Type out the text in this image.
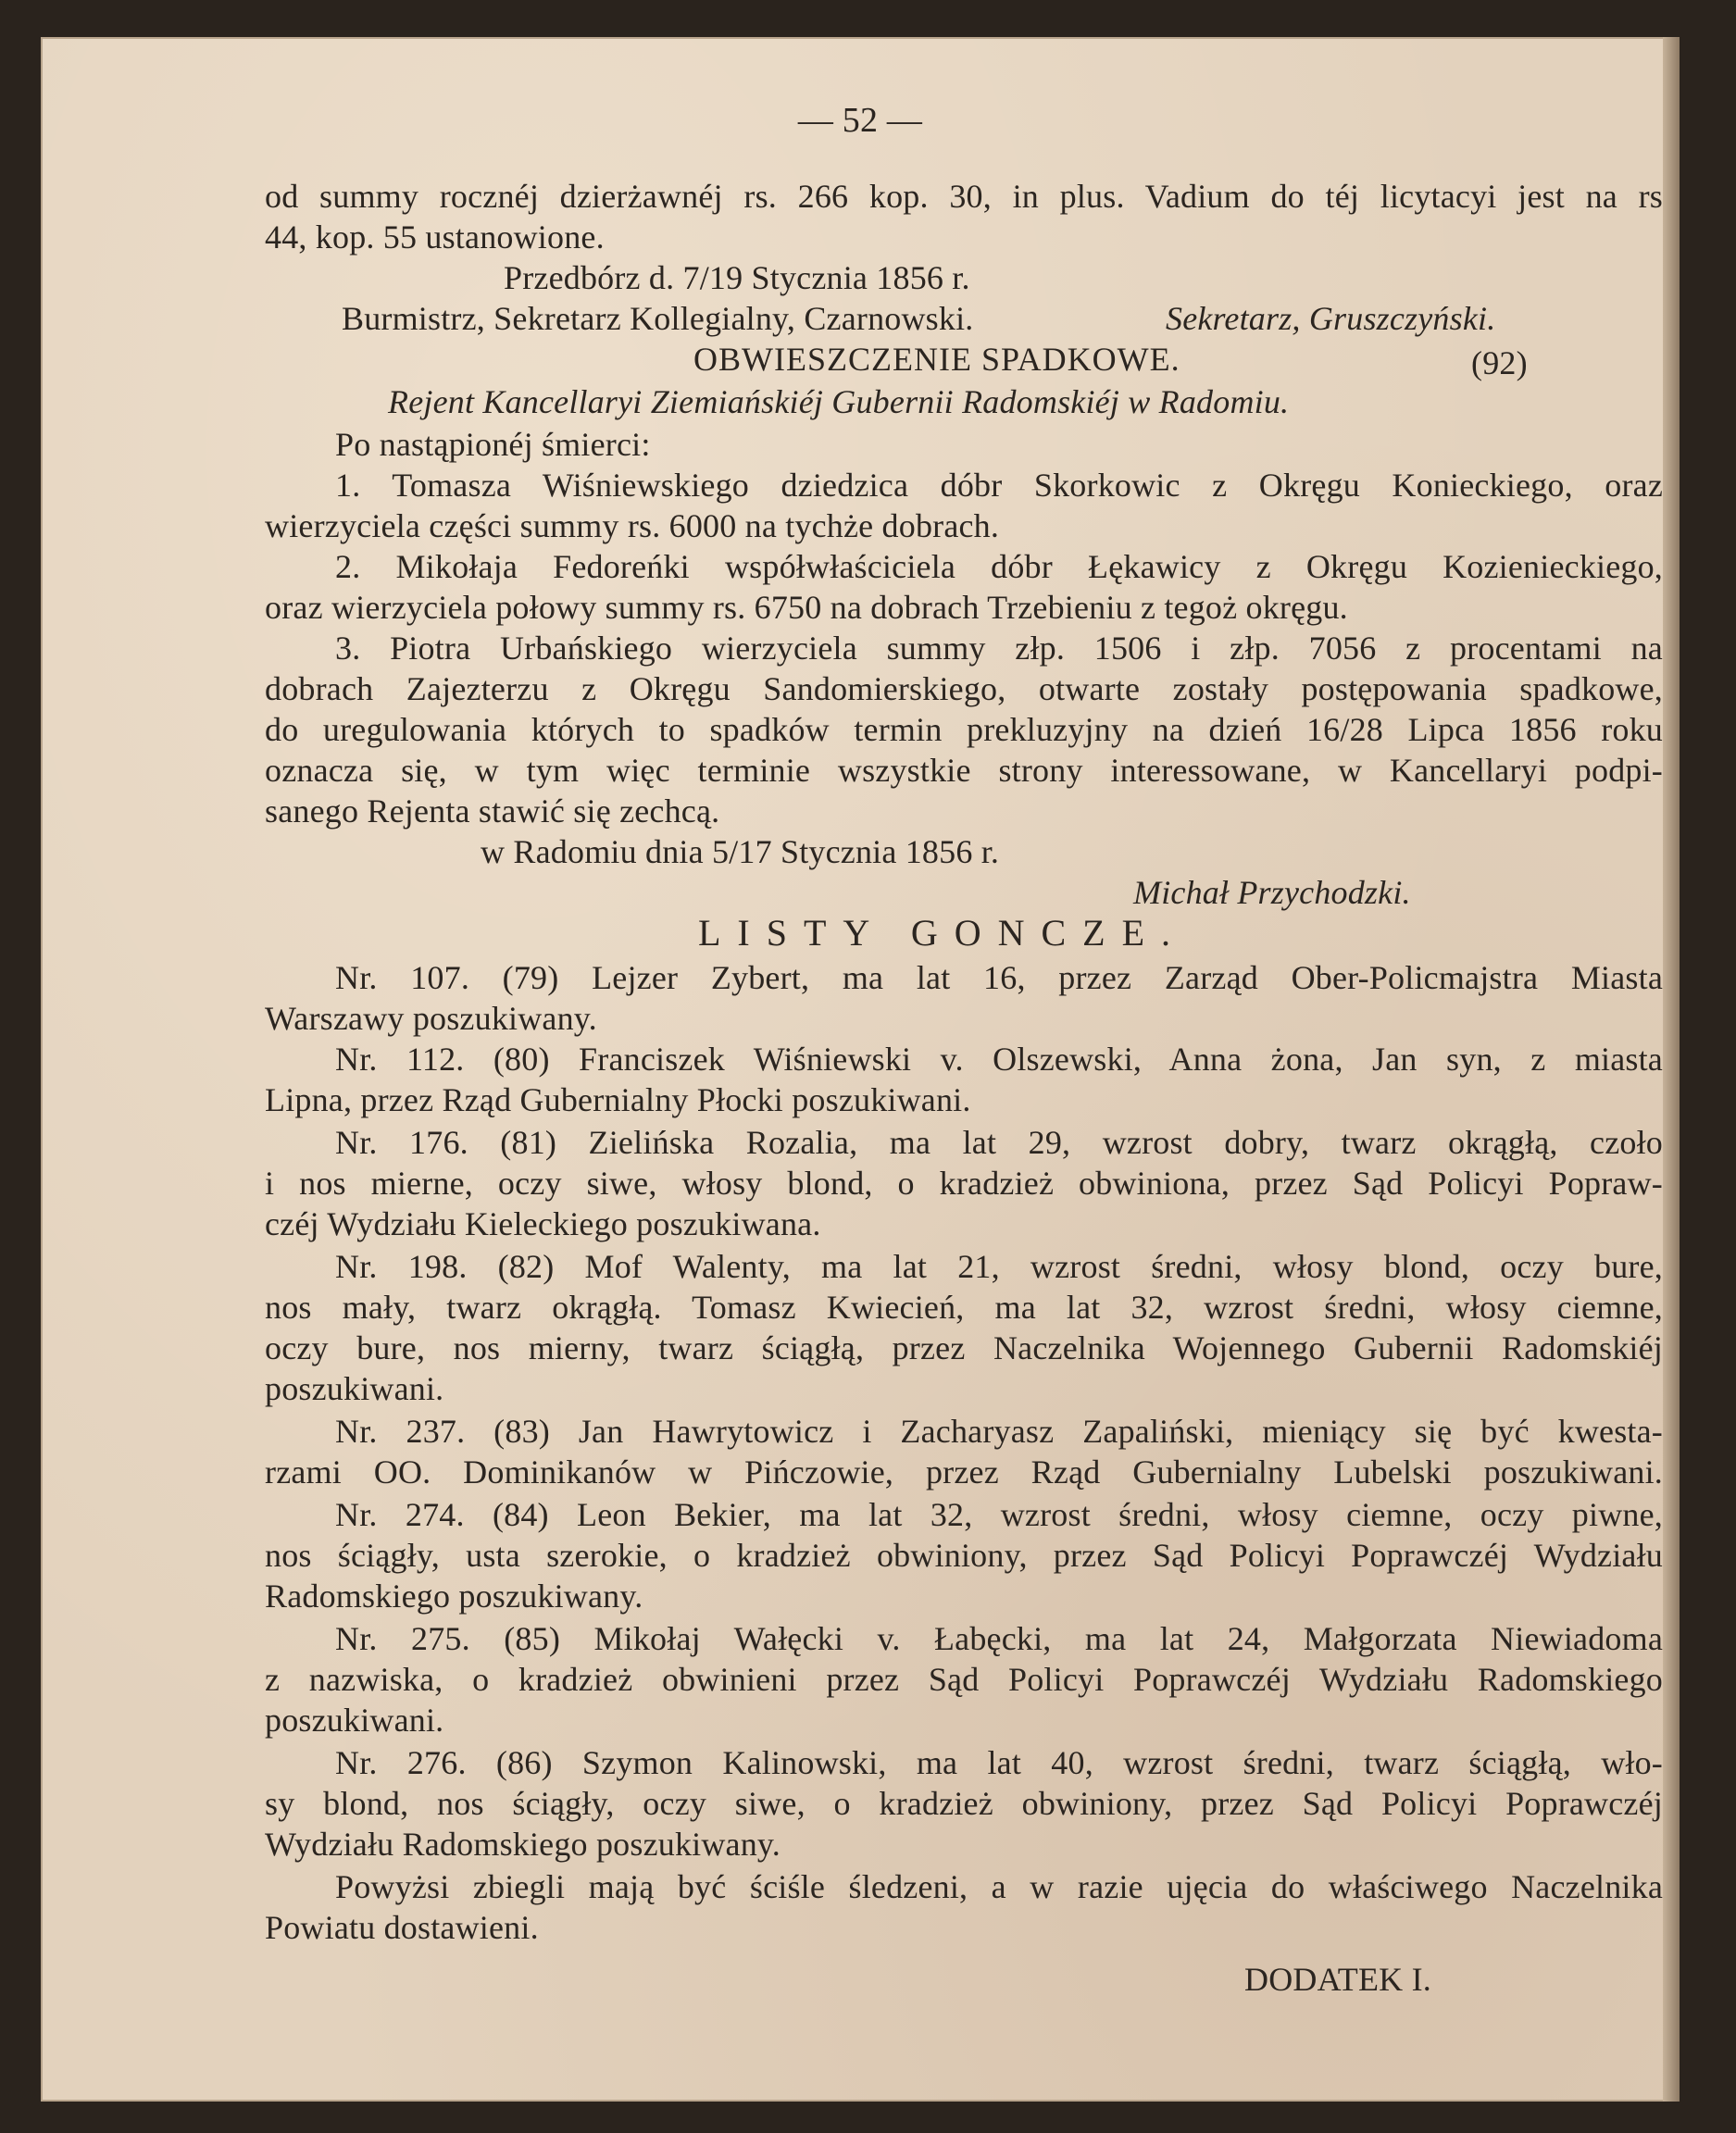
— 52 —
od summy rocznéj dzierżawnéj rs. 266 kop. 30, in plus. Vadium do téj licytacyi jest na rs
44, kop. 55 ustanowione.
Przedbórz d. 7/19 Stycznia 1856 r.
Burmistrz, Sekretarz Kollegialny, Czarnowski.	Sekretarz, Gruszczyński.
OBWIESZCZENIE SPADKOWE.	(92)
Rejent Kancellaryi Ziemiańskiéj Gubernii Radomskiéj w Radomiu.
Po nastąpionéj śmierci:
1. Tomasza Wiśniewskiego dziedzica dóbr Skorkowic z Okręgu Konieckiego, oraz
wierzyciela części summy rs. 6000 na tychże dobrach.
2. Mikołaja Fedoreńki współwłaściciela dóbr Łękawicy z Okręgu Kozienieckiego,
oraz wierzyciela połowy summy rs. 6750 na dobrach Trzebieniu z tegoż okręgu.
3. Piotra Urbańskiego wierzyciela summy złp. 1506 i złp. 7056 z procentami na
dobrach Zajezterzu z Okręgu Sandomierskiego, otwarte zostały postępowania spadkowe,
do uregulowania których to spadków termin prekluzyjny na dzień 16/28 Lipca 1856 roku
oznacza się, w tym więc terminie wszystkie strony interessowane, w Kancellaryi podpi-
sanego Rejenta stawić się zechcą.
w Radomiu dnia 5/17 Stycznia 1856 r.
Michał Przychodzki.
LISTY GONCZE.
Nr. 107. (79) Lejzer Zybert, ma lat 16, przez Zarząd Ober-Policmajstra Miasta
Warszawy poszukiwany.
Nr. 112. (80) Franciszek Wiśniewski v. Olszewski, Anna żona, Jan syn, z miasta
Lipna, przez Rząd Gubernialny Płocki poszukiwani.
Nr. 176. (81) Zielińska Rozalia, ma lat 29, wzrost dobry, twarz okrągłą, czoło
i nos mierne, oczy siwe, włosy blond, o kradzież obwiniona, przez Sąd Policyi Popraw-
czéj Wydziału Kieleckiego poszukiwana.
Nr. 198. (82) Mof Walenty, ma lat 21, wzrost średni, włosy blond, oczy bure,
nos mały, twarz okrągłą. Tomasz Kwiecień, ma lat 32, wzrost średni, włosy ciemne,
oczy bure, nos mierny, twarz ściągłą, przez Naczelnika Wojennego Gubernii Radomskiéj
poszukiwani.
Nr. 237. (83) Jan Hawrytowicz i Zacharyasz Zapaliński, mieniący się być kwesta-
rzami OO. Dominikanów w Pińczowie, przez Rząd Gubernialny Lubelski poszukiwani.
Nr. 274. (84) Leon Bekier, ma lat 32, wzrost średni, włosy ciemne, oczy piwne,
nos ściągły, usta szerokie, o kradzież obwiniony, przez Sąd Policyi Poprawczéj Wydziału
Radomskiego poszukiwany.
Nr. 275. (85) Mikołaj Wałęcki v. Łabęcki, ma lat 24, Małgorzata Niewiadoma
z nazwiska, o kradzież obwinieni przez Sąd Policyi Poprawczéj Wydziału Radomskiego
poszukiwani.
Nr. 276. (86) Szymon Kalinowski, ma lat 40, wzrost średni, twarz ściągłą, wło-
sy blond, nos ściągły, oczy siwe, o kradzież obwiniony, przez Sąd Policyi Poprawczéj
Wydziału Radomskiego poszukiwany.
Powyżsi zbiegli mają być ściśle śledzeni, a w razie ujęcia do właściwego Naczelnika
Powiatu dostawieni.
DODATEK I.
